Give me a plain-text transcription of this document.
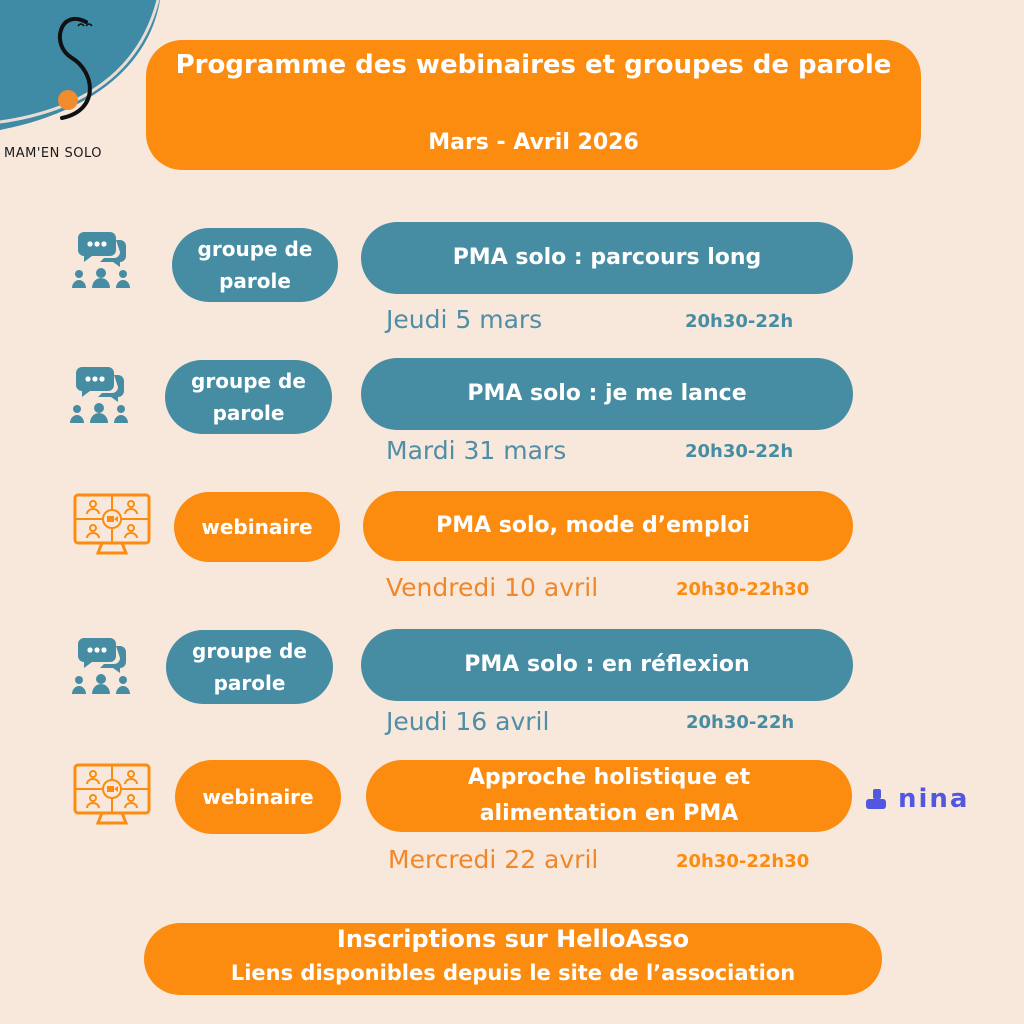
MAM'EN SOLO
Programme des webinaires et groupes de parole
Mars - Avril 2026
groupe de parole
PMA solo : parcours long
Jeudi 5 mars	20h30-22h
groupe de parole
PMA solo : je me lance
Mardi 31 mars	20h30-22h
webinaire	PMA solo, mode d’emploi
Vendredi 10 avril	20h30-22h30
groupe de parole
PMA solo : en réflexion
Jeudi 16 avril	20h30-22h
webinaire
Approche holistique et alimentation en PMA
Mercredi 22 avril	20h30-22h30
nina
Inscriptions sur HelloAsso
Liens disponibles depuis le site de l’association
